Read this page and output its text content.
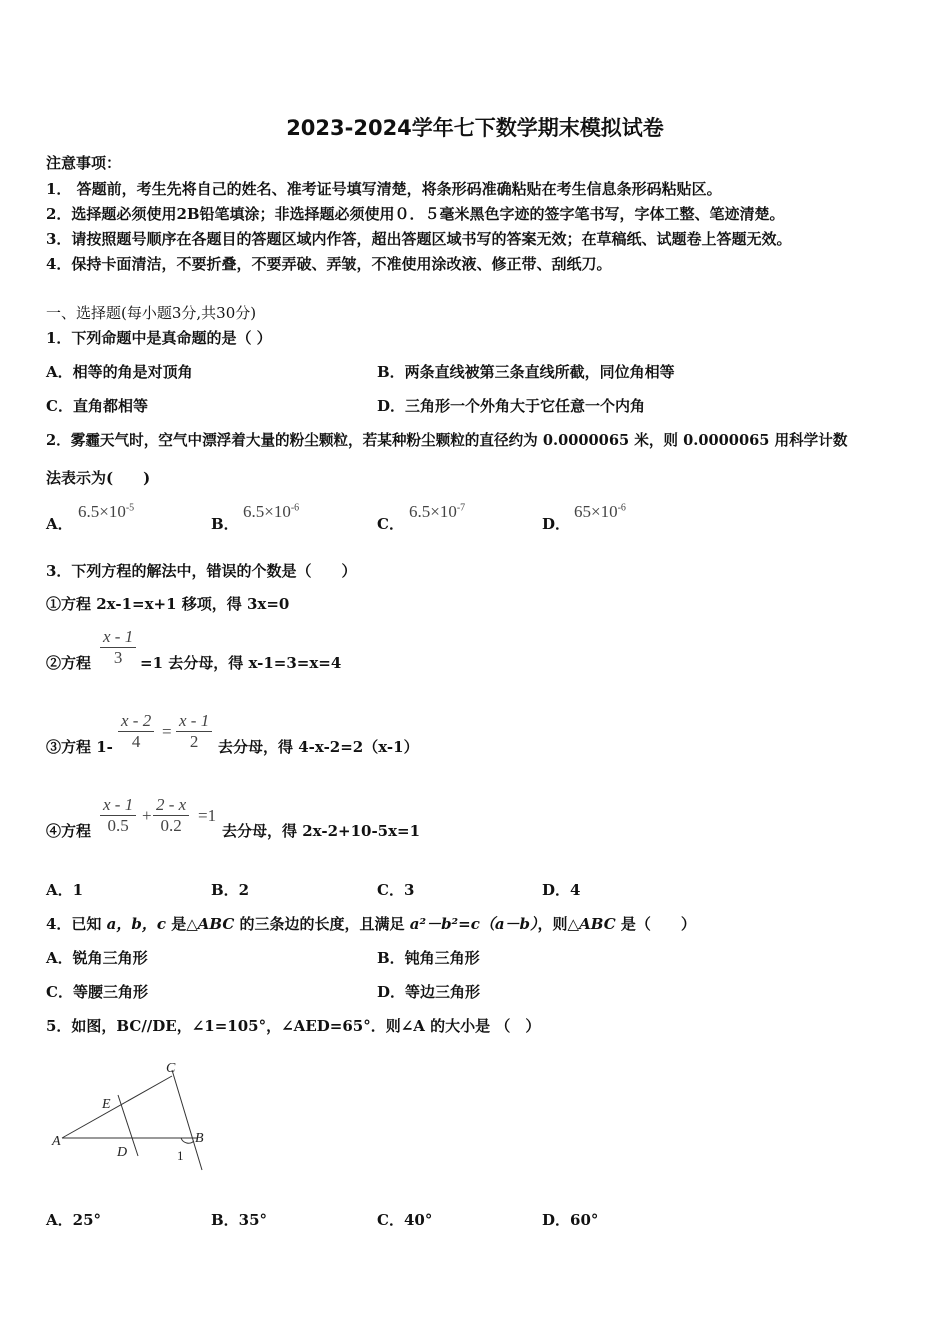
2023-2024学年七下数学期末模拟试卷
注意事项：
1． 答题前，考生先将自己的姓名、准考证号填写清楚，将条形码准确粘贴在考生信息条形码粘贴区。
2．选择题必须使用2B铅笔填涂；非选择题必须使用０．５毫米黑色字迹的签字笔书写，字体工整、笔迹清楚。
3．请按照题号顺序在各题目的答题区域内作答，超出答题区域书写的答案无效；在草稿纸、试题卷上答题无效。
4．保持卡面清洁，不要折叠，不要弄破、弄皱，不准使用涂改液、修正带、刮纸刀。
一、选择题(每小题3分,共30分)
1．下列命题中是真命题的是（ ）
A．相等的角是对顶角	B．两条直线被第三条直线所截，同位角相等
C．直角都相等	D．三角形一个外角大于它任意一个内角
2．雾霾天气时，空气中漂浮着大量的粉尘颗粒，若某种粉尘颗粒的直径约为 0.0000065 米，则 0.0000065 用科学计数
法表示为(　　)
A．
$6.5\times 10^{-5}$
B．
$6.5\times 10^{-6}$
C．
$6.5\times 10^{-7}$
D．
$65\times 10^{-6}$
3．下列方程的解法中，错误的个数是（　　）
①方程 2x-1=x+1 移项，得 3x=0
②方程 $\frac{x - 1}{3} =1$ 去分母，得 x-1=3=x=4
③方程 $1- \frac{x - 2}{4} = \frac{x - 1}{2}$ 去分母，得 4-x-2=2（x-1）
④方程 $\frac{x - 1}{0.5} + \frac{2 - x}{0.2} =1$
去分母，得 2x-2+10-5x=1
A．1	B．2	C．3	D．4
4．已知 a，b，c 是△ABC 的三条边的长度，且满足 a²－b²=c（a－b），则△ABC 是（　　）
A．锐角三角形	B．钝角三角形
C．等腰三角形	D．等边三角形
5．如图，BC//DE，∠1=105°，∠AED=65°．则∠A 的大小是 （　）
A	B
C
D
E
1
A．25°	B．35°	C．40°	D．60°
